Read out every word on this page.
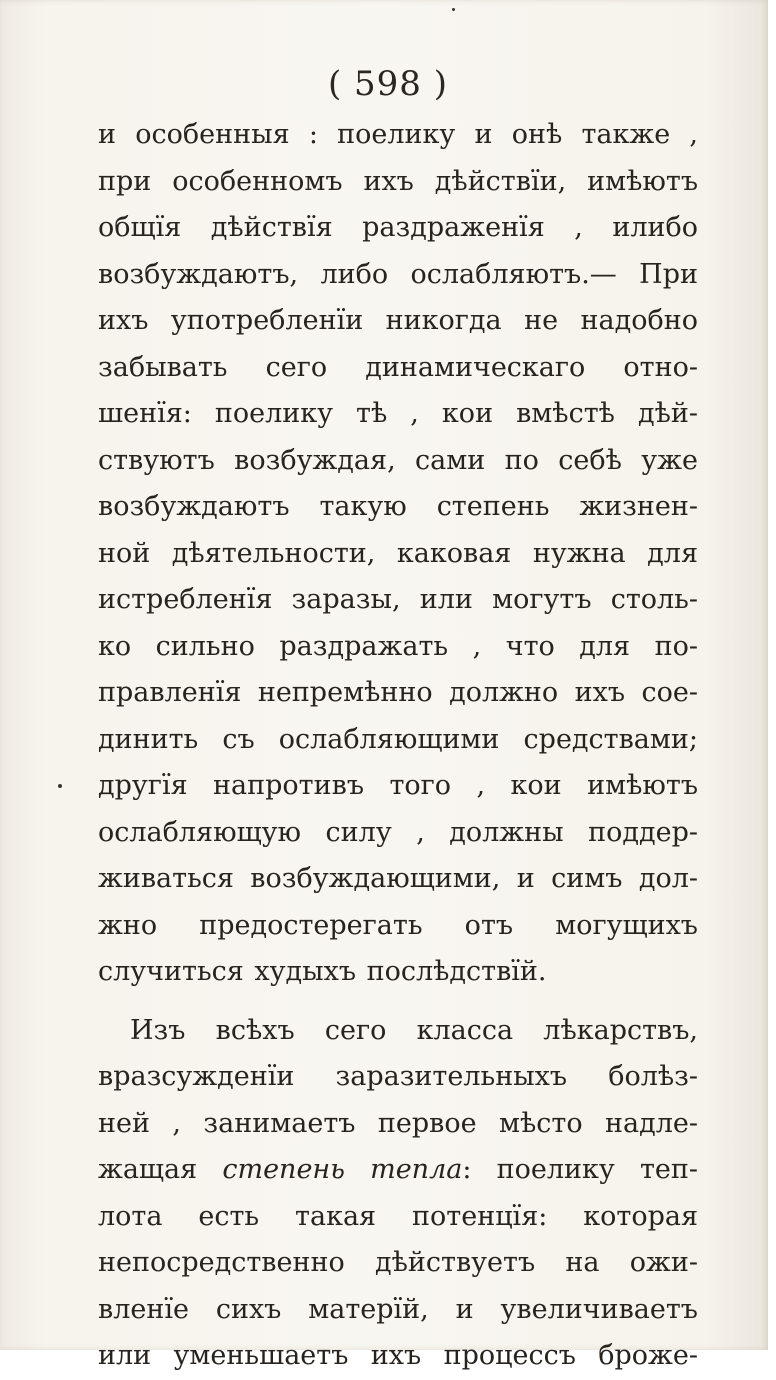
( 598 )
и особенныя : поелику и онѣ также ,
при особенномъ ихъ дѣйствїи, имѣютъ
общїя дѣйствїя раздраженїя , илибо
возбуждаютъ, либо ослабляютъ.— При
ихъ употребленїи никогда не надобно
забывать сего динамическаго отно-
шенїя: поелику тѣ , кои вмѣстѣ дѣй-
ствуютъ возбуждая, сами по себѣ уже
возбуждаютъ такую степень жизнен-
ной дѣятельности, каковая нужна для
истребленїя заразы, или могутъ столь-
ко сильно раздражать , что для по-
правленїя непремѣнно должно ихъ сое-
динить съ ослабляющими средствами;
другїя напротивъ того , кои имѣютъ
ослабляющую силу , должны поддер-
живаться возбуждающими, и симъ дол-
жно предостерегать отъ могущихъ
случиться худыхъ послѣдствїй.
Изъ всѣхъ сего класса лѣкарствъ,
вразсужденїи заразительныхъ болѣз-
ней , занимаетъ первое мѣсто надле-
жащая степень тепла: поелику теп-
лота есть такая потенцїя: которая
непосредственно дѣйствуетъ на ожи-
вленїе сихъ матерїй, и увеличиваетъ
или уменьшаетъ ихъ процессъ броже-
